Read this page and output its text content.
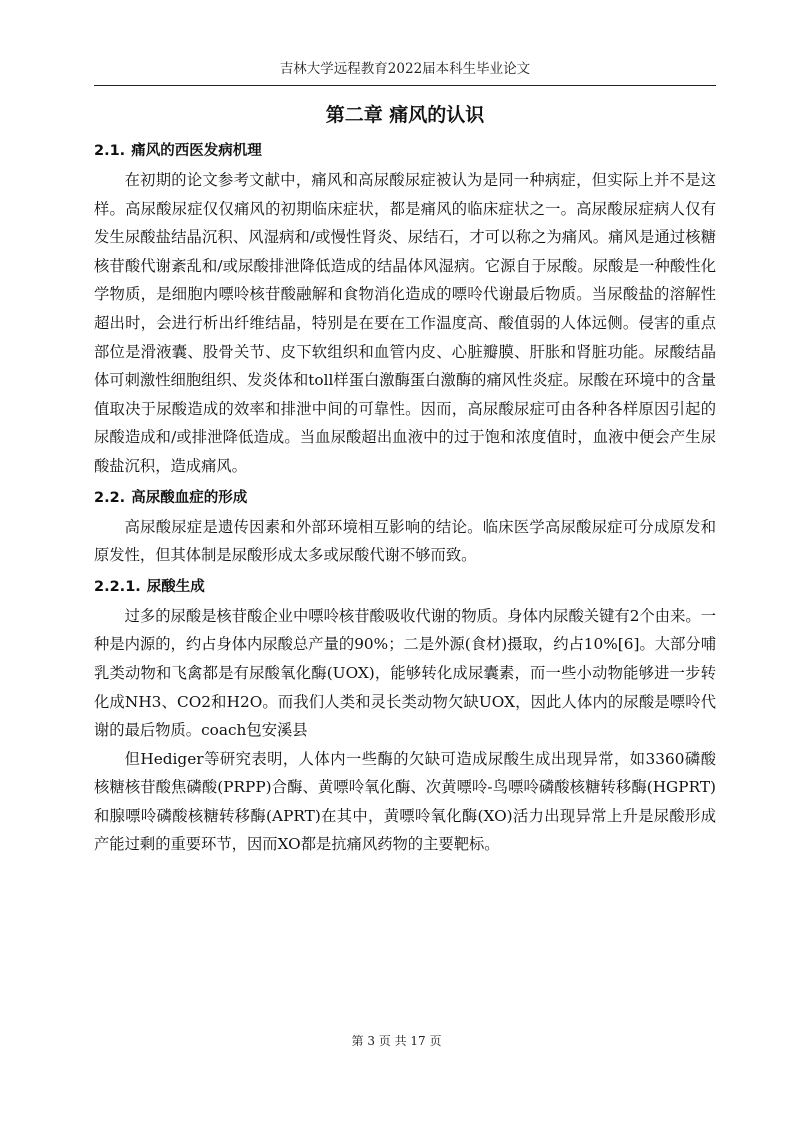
吉林大学远程教育2022届本科生毕业论文
第二章 痛风的认识
2.1. 痛风的西医发病机理

在初期的论文参考文献中，痛风和高尿酸尿症被认为是同一种病症，但实际上并不是这样。高尿酸尿症仅仅痛风的初期临床症状，都是痛风的临床症状之一。高尿酸尿症病人仅有发生尿酸盐结晶沉积、风湿病和/或慢性肾炎、尿结石，才可以称之为痛风。痛风是通过核糖核苷酸代谢紊乱和/或尿酸排泄降低造成的结晶体风湿病。它源自于尿酸。尿酸是一种酸性化学物质，是细胞内嘌呤核苷酸融解和食物消化造成的嘌呤代谢最后物质。当尿酸盐的溶解性超出时，会进行析出纤维结晶，特别是在要在工作温度高、酸值弱的人体远侧。侵害的重点部位是滑液囊、股骨关节、皮下软组织和血管内皮、心脏瓣膜、肝胀和肾脏功能。尿酸结晶体可刺激性细胞组织、发炎体和toll样蛋白激酶蛋白激酶的痛风性炎症。尿酸在环境中的含量值取决于尿酸造成的效率和排泄中间的可靠性。因而，高尿酸尿症可由各种各样原因引起的尿酸造成和/或排泄降低造成。当血尿酸超出血液中的过于饱和浓度值时，血液中便会产生尿酸盐沉积，造成痛风。

2.2. 高尿酸血症的形成

高尿酸尿症是遗传因素和外部环境相互影响的结论。临床医学高尿酸尿症可分成原发和原发性，但其体制是尿酸形成太多或尿酸代谢不够而致。

2.2.1. 尿酸生成

过多的尿酸是核苷酸企业中嘌呤核苷酸吸收代谢的物质。身体内尿酸关键有2个由来。一种是内源的，约占身体内尿酸总产量的90%；二是外源(食材)摄取，约占10%[6]。大部分哺乳类动物和飞禽都是有尿酸氧化酶(UOX)，能够转化成尿囊素，而一些小动物能够进一步转化成NH3、CO2和H2O。而我们人类和灵长类动物欠缺UOX，因此人体内的尿酸是嘌呤代谢的最后物质。coach包安溪县

但Hediger等研究表明，人体内一些酶的欠缺可造成尿酸生成出现异常，如3360磷酸核糖核苷酸焦磷酸(PRPP)合酶、黄嘌呤氧化酶、次黄嘌呤-鸟嘌呤磷酸核糖转移酶(HGPRT)和腺嘌呤磷酸核糖转移酶(APRT)在其中，黄嘌呤氧化酶(XO)活力出现异常上升是尿酸形成产能过剩的重要环节，因而XO都是抗痛风药物的主要靶标。

第 3 页 共 17 页
